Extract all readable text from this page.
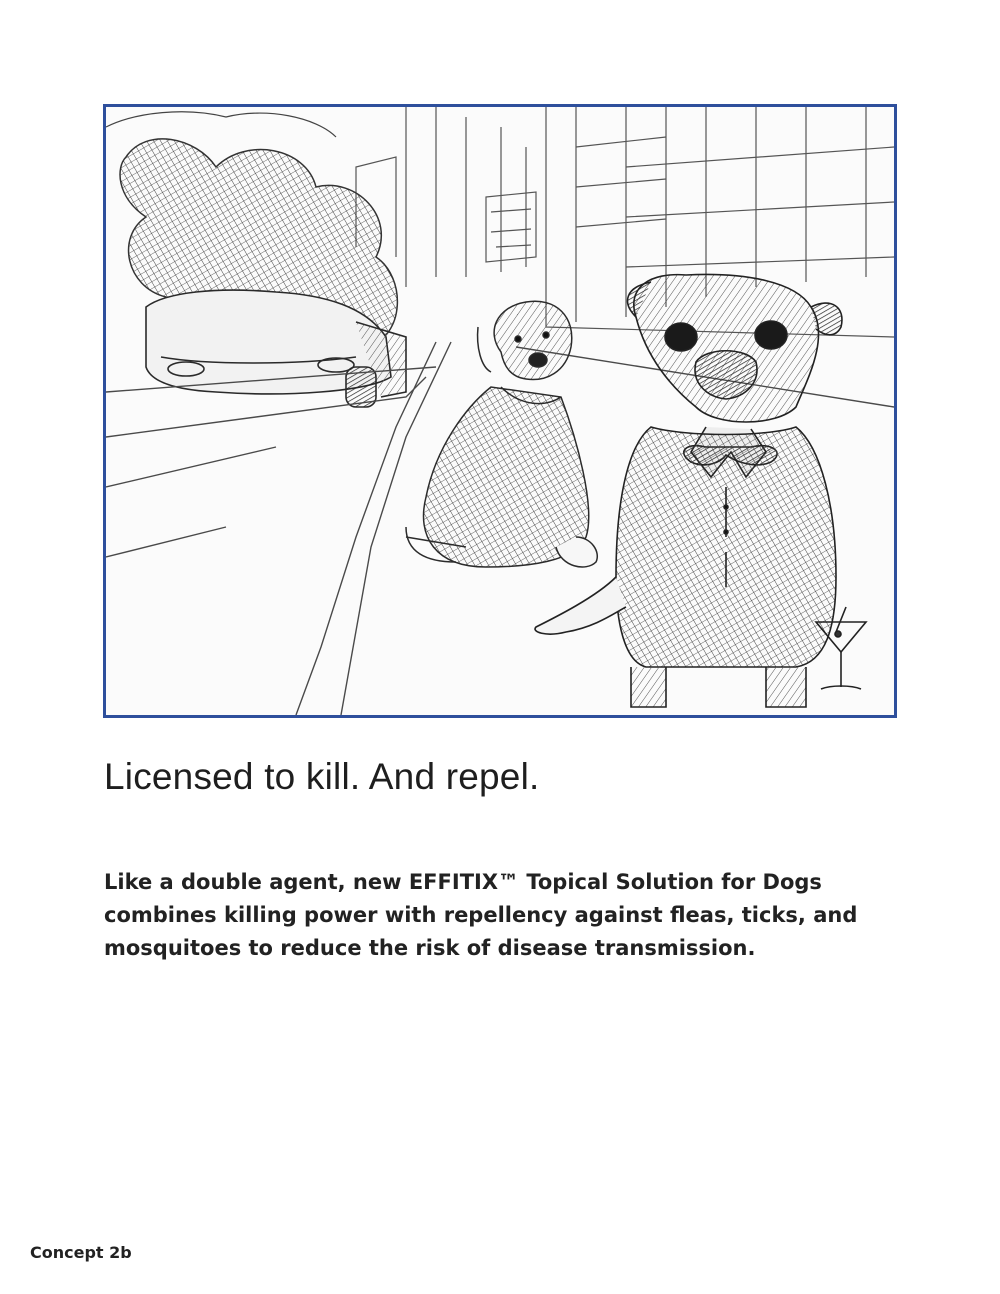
Licensed to kill. And repel.

Like a double agent, new EFFITIX™ Topical Solution for Dogs combines killing power with repellency against fleas, ticks, and mosquitoes to reduce the risk of disease transmission.

Concept 2b
